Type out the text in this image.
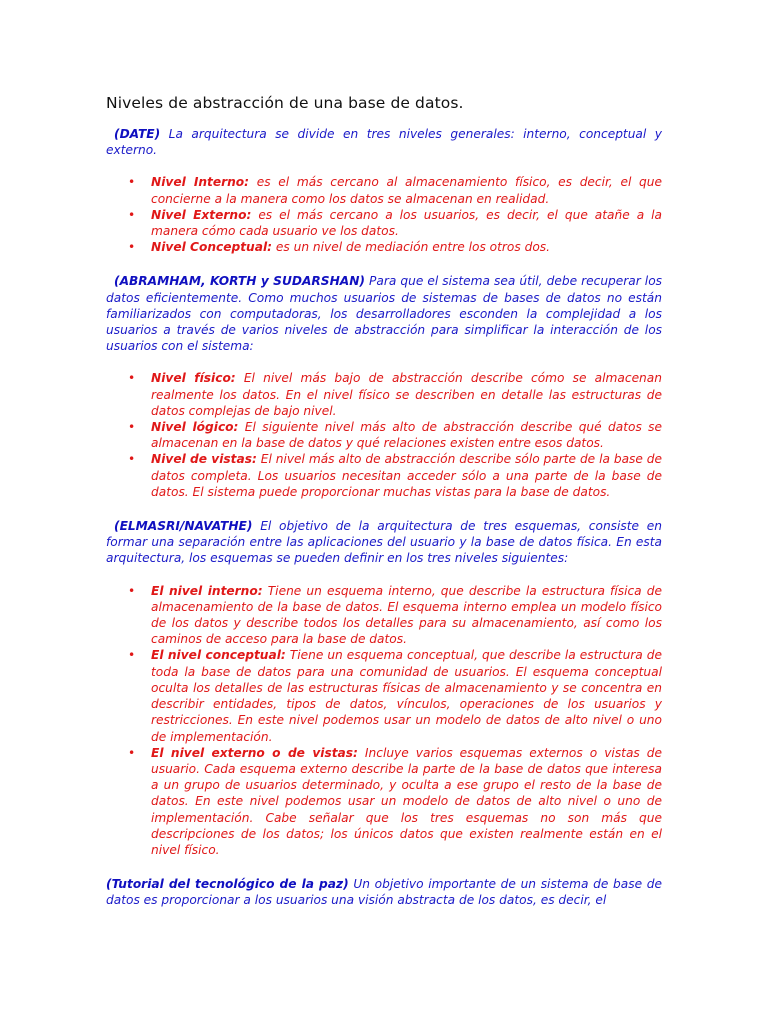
Niveles de abstracción de una base de datos.

(DATE) La arquitectura se divide en tres niveles generales: interno, conceptual y externo.

• Nivel Interno: es el más cercano al almacenamiento físico, es decir, el que concierne a la manera como los datos se almacenan en realidad.
• Nivel Externo: es el más cercano a los usuarios, es decir, el que atañe a la manera cómo cada usuario ve los datos.
• Nivel Conceptual: es un nivel de mediación entre los otros dos.

(ABRAMHAM, KORTH y SUDARSHAN) Para que el sistema sea útil, debe recuperar los datos eficientemente. Como muchos usuarios de sistemas de bases de datos no están familiarizados con computadoras, los desarrolladores esconden la complejidad a los usuarios a través de varios niveles de abstracción para simplificar la interacción de los usuarios con el sistema:

• Nivel físico: El nivel más bajo de abstracción describe cómo se almacenan realmente los datos. En el nivel físico se describen en detalle las estructuras de datos complejas de bajo nivel.
• Nivel lógico: El siguiente nivel más alto de abstracción describe qué datos se almacenan en la base de datos y qué relaciones existen entre esos datos.
• Nivel de vistas: El nivel más alto de abstracción describe sólo parte de la base de datos completa. Los usuarios necesitan acceder sólo a una parte de la base de datos. El sistema puede proporcionar muchas vistas para la base de datos.

(ELMASRI/NAVATHE) El objetivo de la arquitectura de tres esquemas, consiste en formar una separación entre las aplicaciones del usuario y la base de datos física. En esta arquitectura, los esquemas se pueden definir en los tres niveles siguientes:

• El nivel interno: Tiene un esquema interno, que describe la estructura física de almacenamiento de la base de datos. El esquema interno emplea un modelo físico de los datos y describe todos los detalles para su almacenamiento, así como los caminos de acceso para la base de datos.
• El nivel conceptual: Tiene un esquema conceptual, que describe la estructura de toda la base de datos para una comunidad de usuarios. El esquema conceptual oculta los detalles de las estructuras físicas de almacenamiento y se concentra en describir entidades, tipos de datos, vínculos, operaciones de los usuarios y restricciones. En este nivel podemos usar un modelo de datos de alto nivel o uno de implementación.
• El nivel externo o de vistas: Incluye varios esquemas externos o vistas de usuario. Cada esquema externo describe la parte de la base de datos que interesa a un grupo de usuarios determinado, y oculta a ese grupo el resto de la base de datos. En este nivel podemos usar un modelo de datos de alto nivel o uno de implementación. Cabe señalar que los tres esquemas no son más que descripciones de los datos; los únicos datos que existen realmente están en el nivel físico.

(Tutorial del tecnológico de la paz) Un objetivo importante de un sistema de base de datos es proporcionar a los usuarios una visión abstracta de los datos, es decir, el
